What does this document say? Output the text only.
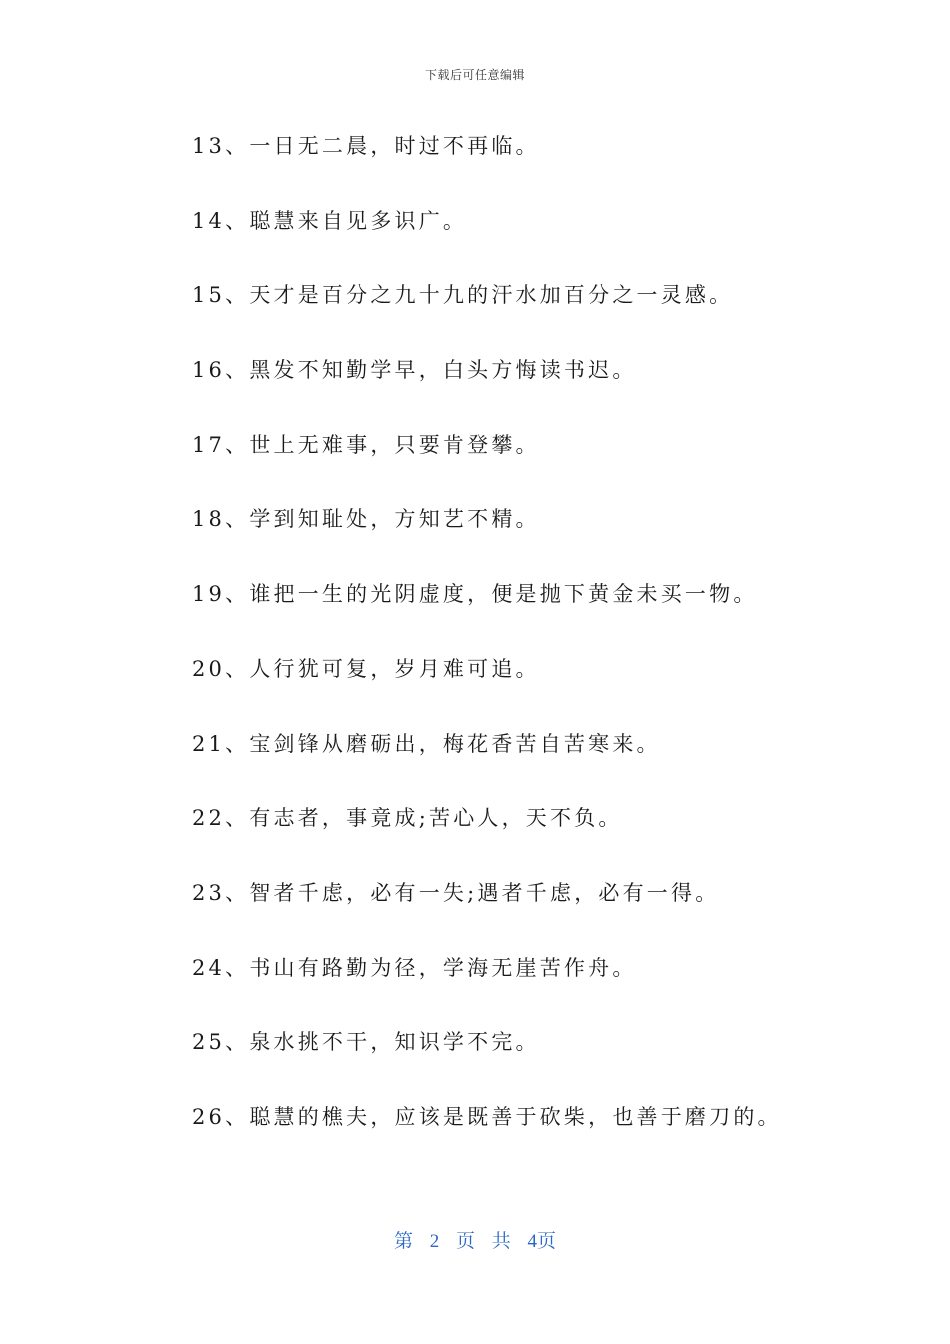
下载后可任意编辑
13、一日无二晨，时过不再临。
14、聪慧来自见多识广。
15、天才是百分之九十九的汗水加百分之一灵感。
16、黑发不知勤学早，白头方悔读书迟。
17、世上无难事，只要肯登攀。
18、学到知耻处，方知艺不精。
19、谁把一生的光阴虚度，便是抛下黄金未买一物。
20、人行犹可复，岁月难可追。
21、宝剑锋从磨砺出，梅花香苦自苦寒来。
22、有志者，事竟成;苦心人，天不负。
23、智者千虑，必有一失;遇者千虑，必有一得。
24、书山有路勤为径，学海无崖苦作舟。
25、泉水挑不干，知识学不完。
26、聪慧的樵夫，应该是既善于砍柴，也善于磨刀的。
第 2 页 共 4页
